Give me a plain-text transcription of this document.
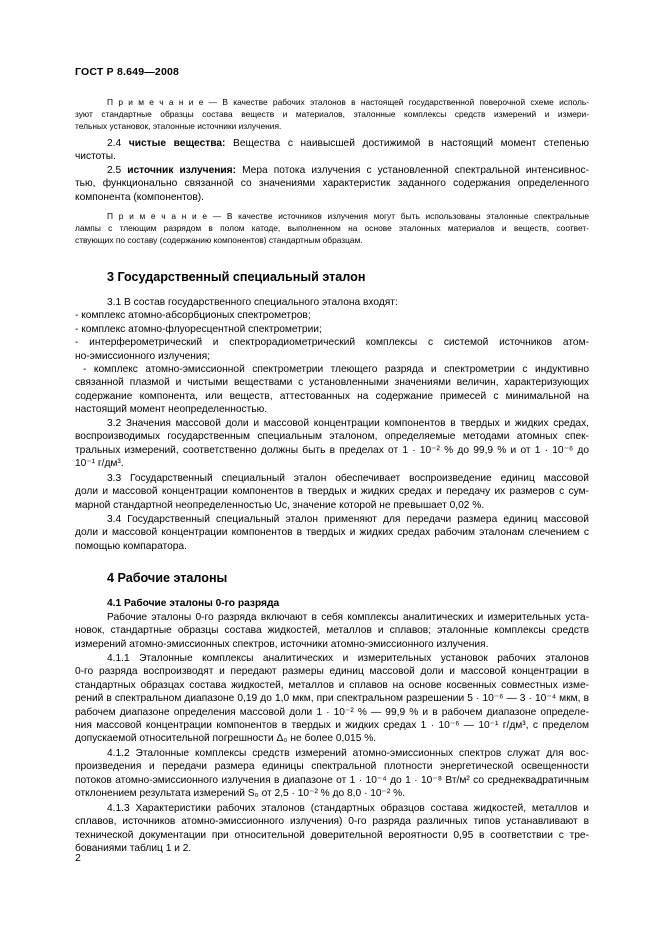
ГОСТ Р 8.649—2008
П р и м е ч а н и е — В качестве рабочих эталонов в настоящей государственной поверочной схеме исполь-
зуют стандартные образцы состава веществ и материалов, эталонные комплексы средств измерений и измери-
тельных установок, эталонные источники излучения.
2.4 чистые вещества: Вещества с наивысшей достижимой в настоящий момент степенью
чистоты.
2.5 источник излучения: Мера потока излучения с установленной спектральной интенсивнос-
тью, функционально связанной со значениями характеристик заданного содержания определенного
компонента (компонентов).
П р и м е ч а н и е — В качестве источников излучения могут быть использованы эталонные спектральные
лампы с тлеющим разрядом в полом катоде, выполненном на основе эталонных материалов и веществ, соответ-
ствующих по составу (содержанию компонентов) стандартным образцам.
3 Государственный специальный эталон
3.1 В состав государственного специального эталона входят:
- комплекс атомно-абсорбционых спектрометров;
- комплекс атомно-флуоресцентной спектрометрии;
- интерферометрический и спектрорадиометрический комплексы с системой источников атом-
но-эмиссионного излучения;
- комплекс атомно-эмиссионной спектрометрии тлеющего разряда и спектрометрии с индуктивно
связанной плазмой и чистыми веществами с установленными значениями величин, характеризующих
содержание компонента, или веществ, аттестованных на содержание примесей с минимальной на
настоящий момент неопределенностью.
3.2 Значения массовой доли и массовой концентрации компонентов в твердых и жидких средах,
воспроизводимых государственным специальным эталоном, определяемые методами атомных спек-
тральных измерений, соответственно должны быть в пределах от 1 · 10⁻² % до 99,9 % и от 1 · 10⁻⁶ до
10⁻¹ г/дм³.
3.3 Государственный специальный эталон обеспечивает воспроизведение единиц массовой
доли и массовой концентрации компонентов в твердых и жидких средах и передачу их размеров с сум-
марной стандартной неопределенностью Uc, значение которой не превышает 0,02 %.
3.4 Государственный специальный эталон применяют для передачи размера единиц массовой
доли и массовой концентрации компонентов в твердых и жидких средах рабочим эталонам слечением с
помощью компаратора.
4 Рабочие эталоны
4.1 Рабочие эталоны 0-го разряда
Рабочие эталоны 0-го разряда включают в себя комплексы аналитических и измерительных уста-
новок, стандартные образцы состава жидкостей, металлов и сплавов; эталонные комплексы средств
измерений атомно-эмиссионных спектров, источники атомно-эмиссионного излучения.
4.1.1 Эталонные комплексы аналитических и измерительных установок рабочих эталонов
0-го разряда воспроизводят и передают размеры единиц массовой доли и массовой концентрации в
стандартных образцах состава жидкостей, металлов и сплавов на основе косвенных совместных изме-
рений в спектральном диапазоне 0,19 до 1,0 мкм, при спектральном разрешении 5 · 10⁻⁶ — 3 · 10⁻⁴ мкм, в
рабочем диапазоне определения массовой доли 1 · 10⁻² % — 99,9 % и в рабочем диапазоне определе-
ния массовой концентрации компонентов в твердых и жидких средах 1 · 10⁻⁶ — 10⁻¹ г/дм³, с пределом
допускаемой относительной погрешности Δ₀ не более 0,015 %.
4.1.2 Эталонные комплексы средств измерений атомно-эмиссионных спектров служат для вос-
произведения и передачи размера единицы спектральной плотности энергетической освещенности
потоков атомно-эмиссионного излучения в диапазоне от 1 · 10⁻⁴ до 1 · 10⁻⁸ Вт/м² со среднеквадратичным
отклонением результата измерений S₀ от 2,5 · 10⁻² % до 8,0 · 10⁻² %.
4.1.3 Характеристики рабочих эталонов (стандартных образцов состава жидкостей, металлов и
сплавов, источников атомно-эмиссионного излучения) 0-го разряда различных типов устанавливают в
технической документации при относительной доверительной вероятности 0,95 в соответствии с тре-
бованиями таблиц 1 и 2.
2
